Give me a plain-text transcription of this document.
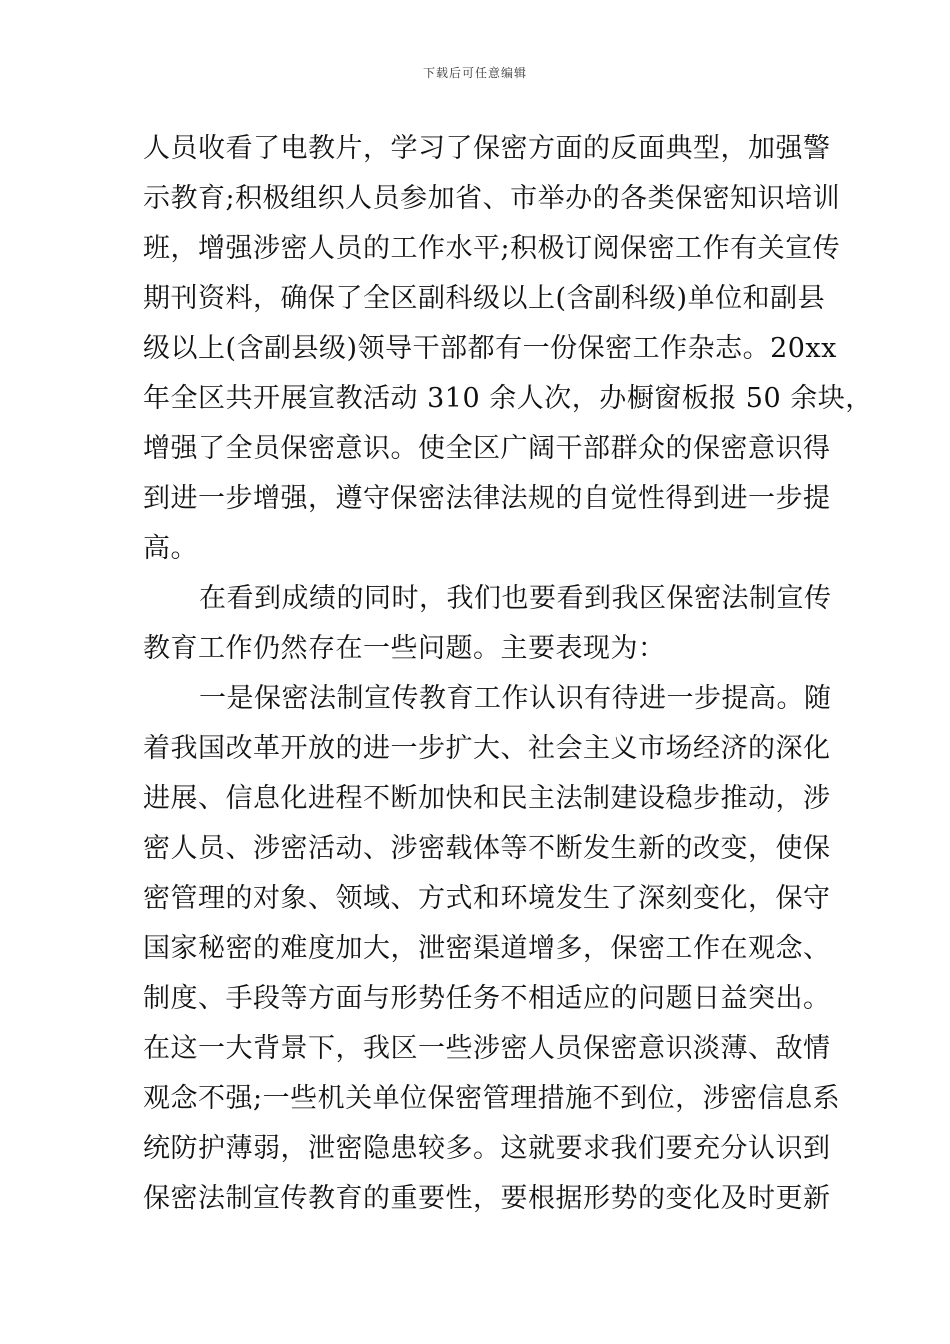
下载后可任意编辑
人员收看了电教片，学习了保密方面的反面典型，加强警
示教育;积极组织人员参加省、市举办的各类保密知识培训
班，增强涉密人员的工作水平;积极订阅保密工作有关宣传
期刊资料，确保了全区副科级以上(含副科级)单位和副县
级以上(含副县级)领导干部都有一份保密工作杂志。20xx
年全区共开展宣教活动 310 余人次，办橱窗板报 50 余块，
增强了全员保密意识。使全区广阔干部群众的保密意识得
到进一步增强，遵守保密法律法规的自觉性得到进一步提
高。
在看到成绩的同时，我们也要看到我区保密法制宣传
教育工作仍然存在一些问题。主要表现为：
一是保密法制宣传教育工作认识有待进一步提高。随
着我国改革开放的进一步扩大、社会主义市场经济的深化
进展、信息化进程不断加快和民主法制建设稳步推动，涉
密人员、涉密活动、涉密载体等不断发生新的改变，使保
密管理的对象、领域、方式和环境发生了深刻变化，保守
国家秘密的难度加大，泄密渠道增多，保密工作在观念、
制度、手段等方面与形势任务不相适应的问题日益突出。
在这一大背景下，我区一些涉密人员保密意识淡薄、敌情
观念不强;一些机关单位保密管理措施不到位，涉密信息系
统防护薄弱，泄密隐患较多。这就要求我们要充分认识到
保密法制宣传教育的重要性，要根据形势的变化及时更新
